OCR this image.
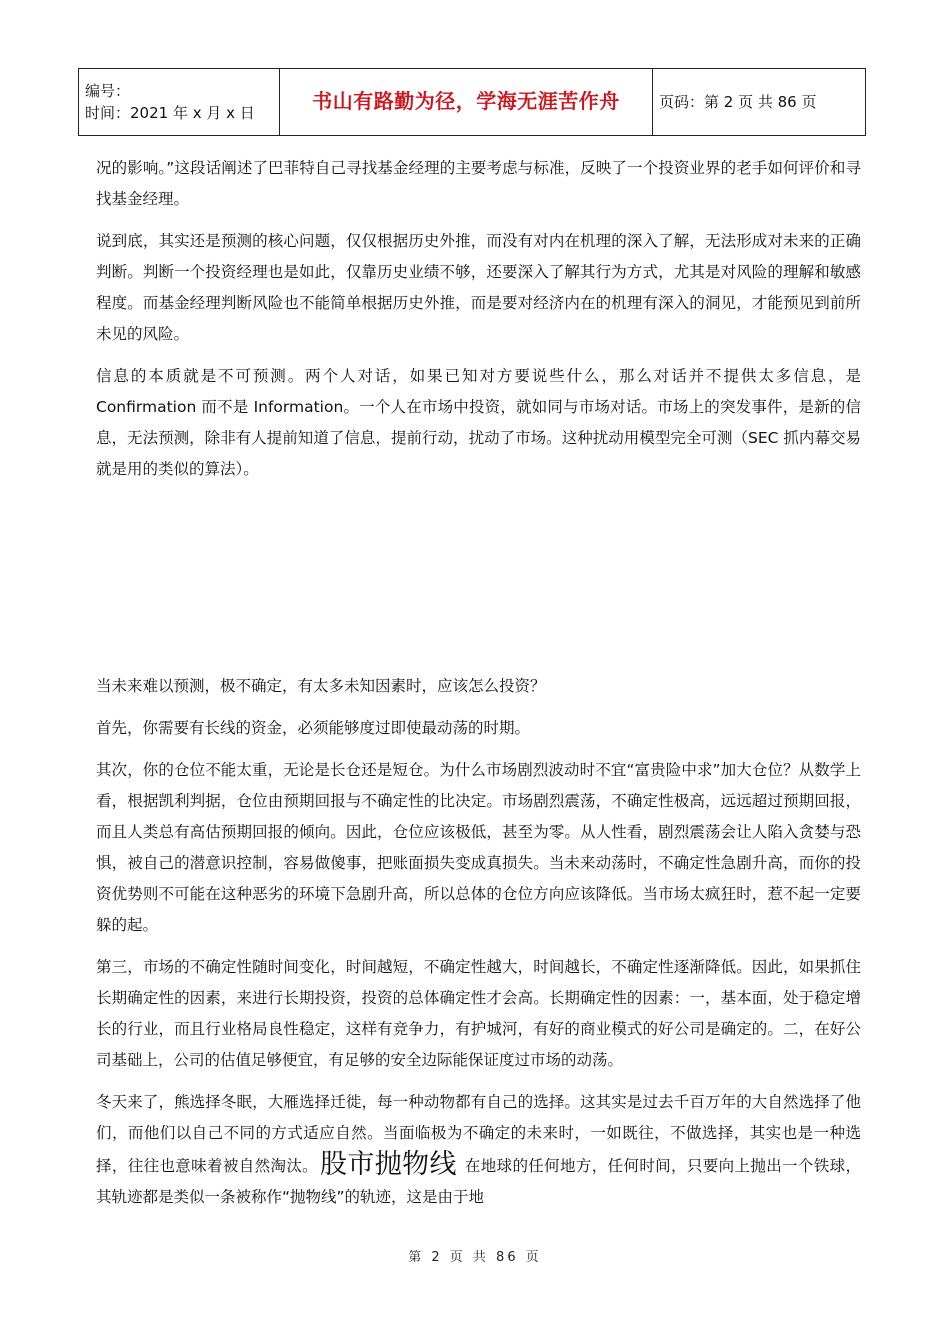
编号：
时间：2021 年 x 月 x 日	书山有路勤为径，学海无涯苦作舟	页码：第 2 页 共 86 页

况的影响。”这段话阐述了巴菲特自己寻找基金经理的主要考虑与标准，反映了一个投资业界的老手如何评价和寻找基金经理。

说到底，其实还是预测的核心问题，仅仅根据历史外推，而没有对内在机理的深入了解，无法形成对未来的正确判断。判断一个投资经理也是如此，仅靠历史业绩不够，还要深入了解其行为方式，尤其是对风险的理解和敏感程度。而基金经理判断风险也不能简单根据历史外推，而是要对经济内在的机理有深入的洞见，才能预见到前所未见的风险。

信息的本质就是不可预测。两个人对话，如果已知对方要说些什么，那么对话并不提供太多信息，是 Confirmation 而不是 Information。一个人在市场中投资，就如同与市场对话。市场上的突发事件，是新的信息，无法预测，除非有人提前知道了信息，提前行动，扰动了市场。这种扰动用模型完全可测（SEC 抓内幕交易就是用的类似的算法）。

当未来难以预测，极不确定，有太多未知因素时，应该怎么投资？

首先，你需要有长线的资金，必须能够度过即使最动荡的时期。

其次，你的仓位不能太重，无论是长仓还是短仓。为什么市场剧烈波动时不宜“富贵险中求”加大仓位？从数学上看，根据凯利判据，仓位由预期回报与不确定性的比决定。市场剧烈震荡，不确定性极高，远远超过预期回报，而且人类总有高估预期回报的倾向。因此，仓位应该极低，甚至为零。从人性看，剧烈震荡会让人陷入贪婪与恐惧，被自己的潜意识控制，容易做傻事，把账面损失变成真损失。当未来动荡时，不确定性急剧升高，而你的投资优势则不可能在这种恶劣的环境下急剧升高，所以总体的仓位方向应该降低。当市场太疯狂时，惹不起一定要躲的起。

第三，市场的不确定性随时间变化，时间越短，不确定性越大，时间越长，不确定性逐渐降低。因此，如果抓住长期确定性的因素，来进行长期投资，投资的总体确定性才会高。长期确定性的因素：一，基本面，处于稳定增长的行业，而且行业格局良性稳定，这样有竞争力，有护城河，有好的商业模式的好公司是确定的。二，在好公司基础上，公司的估值足够便宜，有足够的安全边际能保证度过市场的动荡。

冬天来了，熊选择冬眠，大雁选择迁徙，每一种动物都有自己的选择。这其实是过去千百万年的大自然选择了他们，而他们以自己不同的方式适应自然。当面临极为不确定的未来时，一如既往，不做选择，其实也是一种选择，往往也意味着被自然淘汰。股市抛物线 在地球的任何地方，任何时间，只要向上抛出一个铁球，其轨迹都是类似一条被称作“抛物线”的轨迹，这是由于地

第 2 页 共 86 页
